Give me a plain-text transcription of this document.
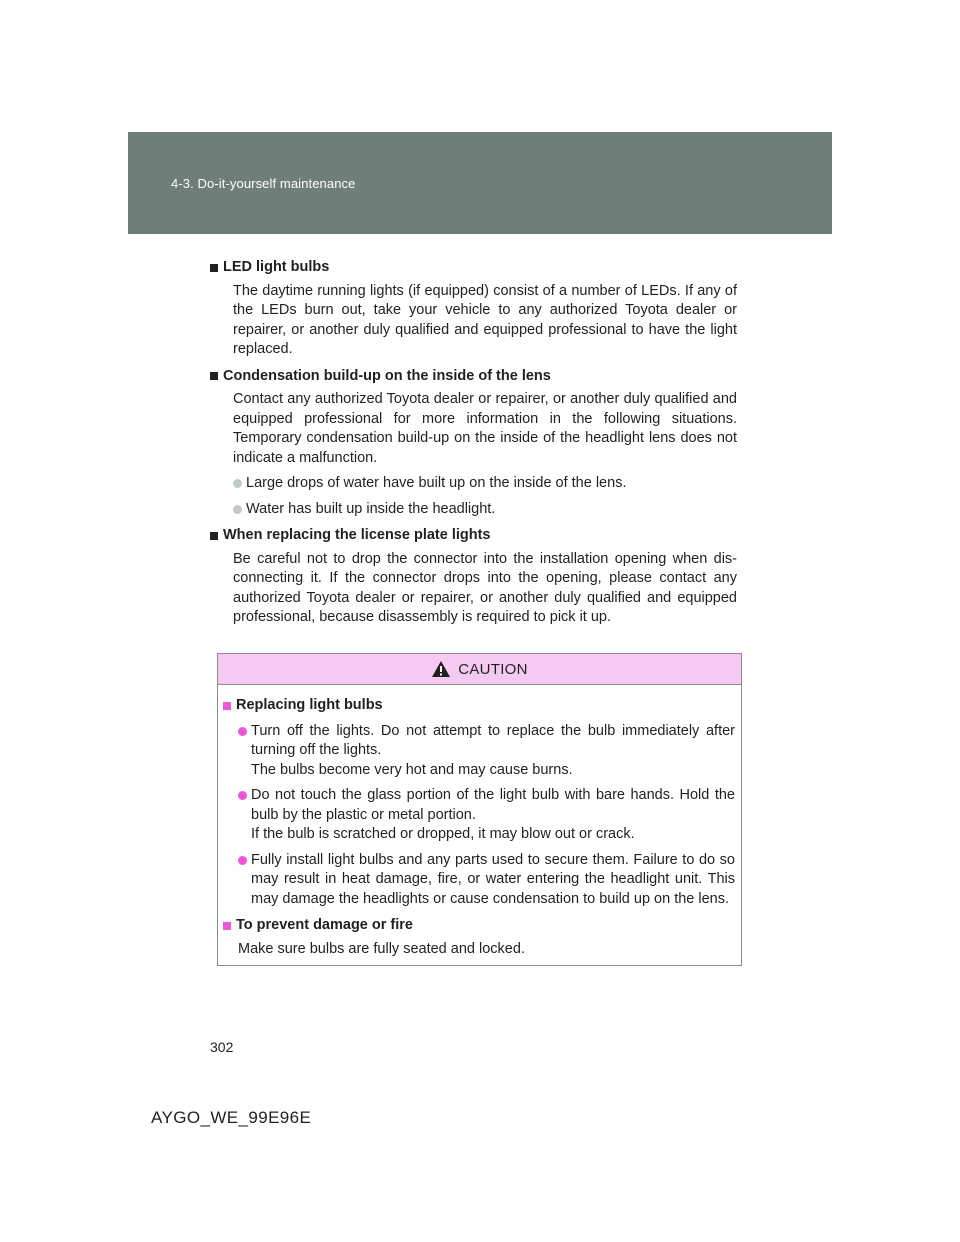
4-3. Do-it-yourself maintenance
LED light bulbs
The daytime running lights (if equipped) consist of a number of LEDs. If any of the LEDs burn out, take your vehicle to any authorized Toyota dealer or repairer, or another duly qualified and equipped professional to have the light replaced.
Condensation build-up on the inside of the lens
Contact any authorized Toyota dealer or repairer, or another duly qualified and equipped professional for more information in the following situations. Temporary condensation build-up on the inside of the headlight lens does not indicate a malfunction.
Large drops of water have built up on the inside of the lens.
Water has built up inside the headlight.
When replacing the license plate lights
Be careful not to drop the connector into the installation opening when dis-connecting it. If the connector drops into the opening, please contact any authorized Toyota dealer or repairer, or another duly qualified and equipped professional, because disassembly is required to pick it up.
CAUTION
Replacing light bulbs
Turn off the lights. Do not attempt to replace the bulb immediately after turning off the lights.
The bulbs become very hot and may cause burns.
Do not touch the glass portion of the light bulb with bare hands. Hold the bulb by the plastic or metal portion.
If the bulb is scratched or dropped, it may blow out or crack.
Fully install light bulbs and any parts used to secure them. Failure to do so may result in heat damage, fire, or water entering the headlight unit. This may damage the headlights or cause condensation to build up on the lens.
To prevent damage or fire
Make sure bulbs are fully seated and locked.
302
AYGO_WE_99E96E
